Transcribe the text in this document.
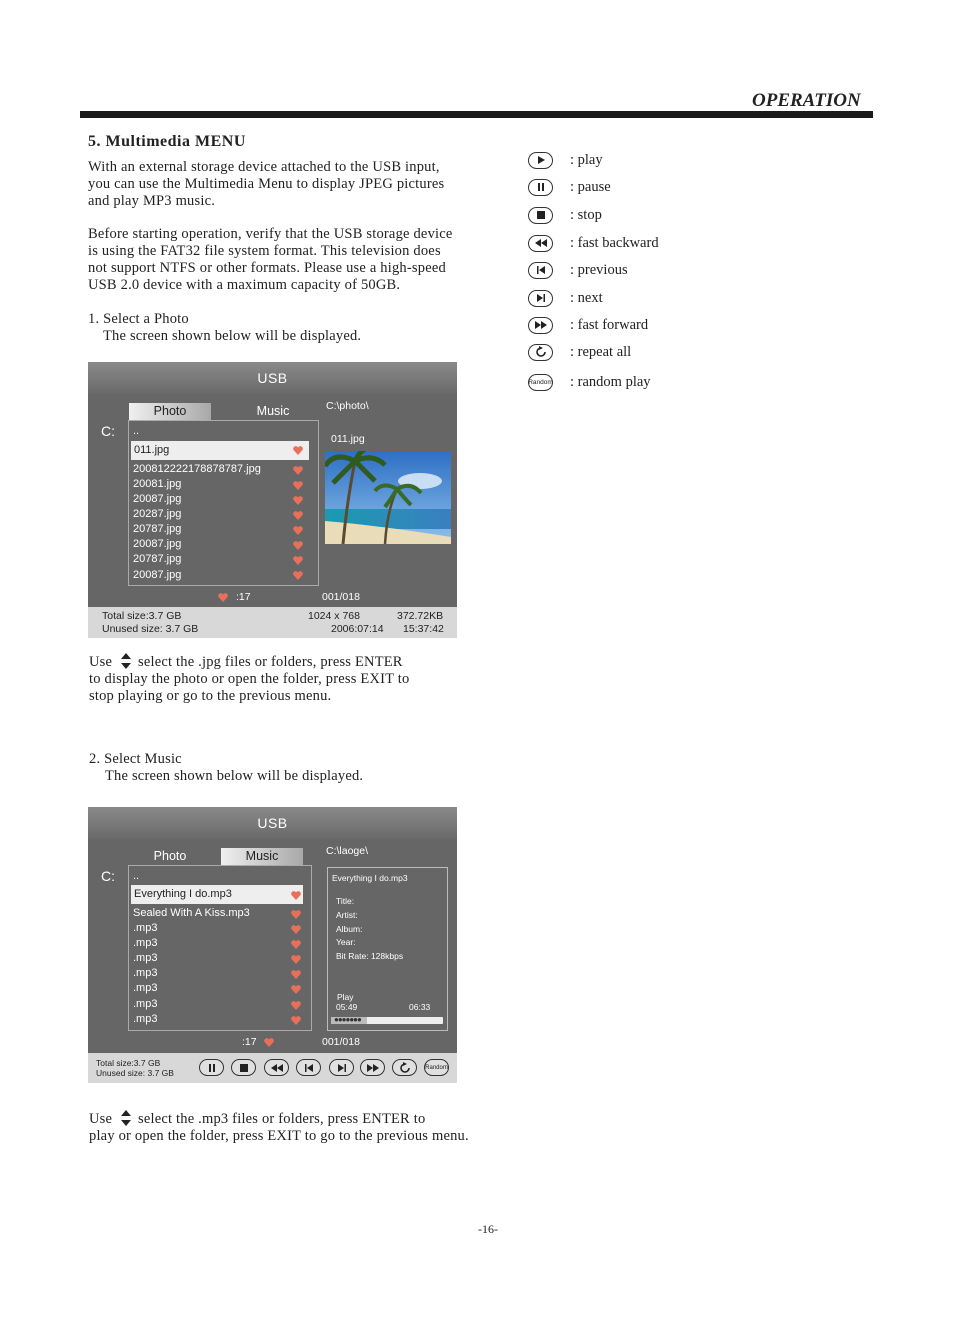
OPERATION
5. Multimedia MENU
With an external storage device attached to the USB input,
you can use the Multimedia Menu to display JPEG pictures
and play MP3 music.
Before starting operation, verify that the USB storage device
is using the FAT32 file system format. This television does
not support NTFS or other formats. Please use a high-speed
USB 2.0 device with a maximum capacity of 50GB.
1. Select a Photo
The screen shown below will be displayed.
: play
: pause
: stop
: fast backward
: previous
: next
: fast forward
: repeat all
Random : random play
USB
C:
Photo	Music	C:\photo\
..
011.jpg
20081222217887878​7.jpg
20081.jpg
20087.jpg
20287.jpg
20787.jpg
20087.jpg
20787.jpg
20087.jpg
011.jpg
:17	001/018
Total size:3.7 GB
Unused size: 3.7 GB
1024 x 768	372.72KB
2006:07:14 15:37:42
Use select the .jpg files or folders, press ENTER
to display the photo or open the folder, press EXIT to
stop playing or go to the previous menu.
2. Select Music
The screen shown below will be displayed.
USB
C:
Photo	Music	C:\laoge\
..
Everything I do.mp3
Sealed With A Kiss.mp3
.mp3
.mp3
.mp3
.mp3
.mp3
.mp3
.mp3
Everything I do.mp3
Title:
Artist:
Album:
Year:
Bit Rate: 128kbps
Play
05:49	06:33
●●●●●●●
:17	001/018
Total size:3.7 GB
Unused size: 3.7 GB
Random
Use select the .mp3 files or folders, press ENTER to
play or open the folder, press EXIT to go to the previous menu.
-16-
